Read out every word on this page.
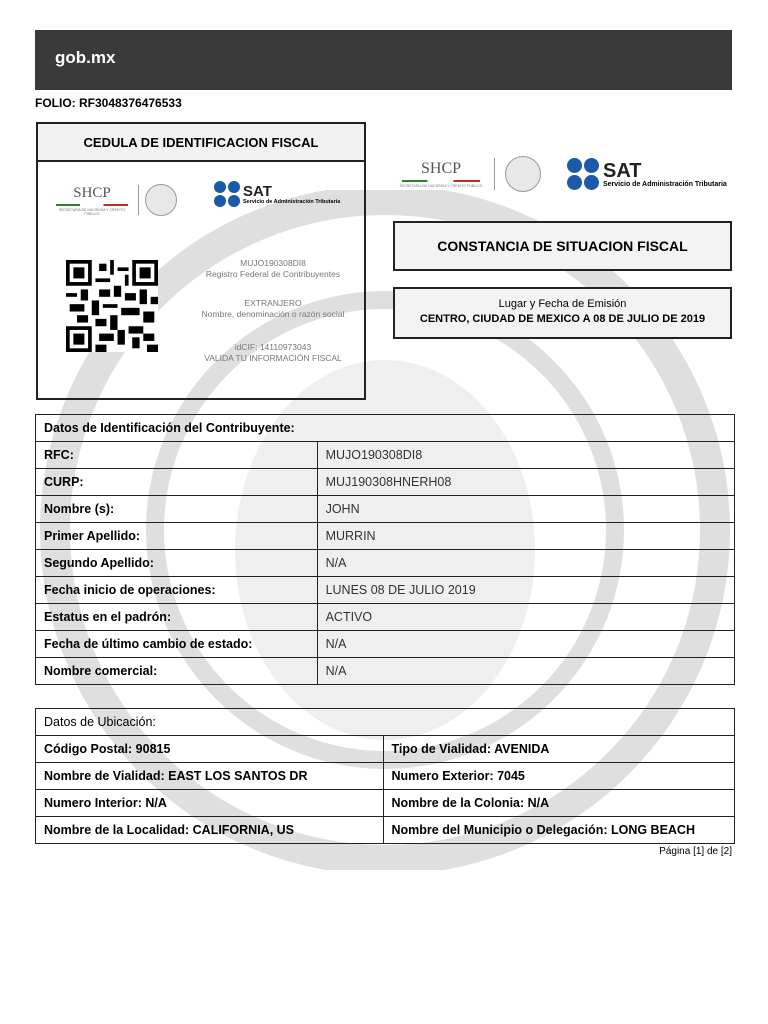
gob.mx
FOLIO: RF3048376476533
CEDULA DE IDENTIFICACION FISCAL
SHCP
SECRETARÍA DE HACIENDA Y CRÉDITO PÚBLICO
SAT
Servicio de Administración Tributaria
MUJO190308DI8
Registro Federal de Contribuyentes
EXTRANJERO
Nombre, denominación o razón social
idCIF: 14110973043
VALIDA TU INFORMACIÓN FISCAL
SHCP
SECRETARÍA DE HACIENDA Y CRÉDITO PÚBLICO
SAT
Servicio de Administración Tributaria
CONSTANCIA DE SITUACION FISCAL
Lugar y Fecha de Emisión
CENTRO, CIUDAD DE MEXICO A 08 DE JULIO DE 2019
Datos de Identificación del Contribuyente:	
RFC:	MUJO190308DI8
CURP:	MUJ190308HNERH08
Nombre (s):	JOHN
Primer Apellido:	MURRIN
Segundo Apellido:	N/A
Fecha inicio de operaciones:	LUNES 08 DE JULIO 2019
Estatus en el padrón:	ACTIVO
Fecha de último cambio de estado:	N/A
Nombre comercial:	N/A
Datos de Ubicación:	
Código Postal: 90815	Tipo de Vialidad: AVENIDA
Nombre de Vialidad: EAST LOS SANTOS DR	Numero Exterior: 7045
Numero Interior: N/A	Nombre de la Colonia: N/A
Nombre de la Localidad: CALIFORNIA, US	Nombre del Municipio o Delegación: LONG BEACH
Página [1] de [2]
